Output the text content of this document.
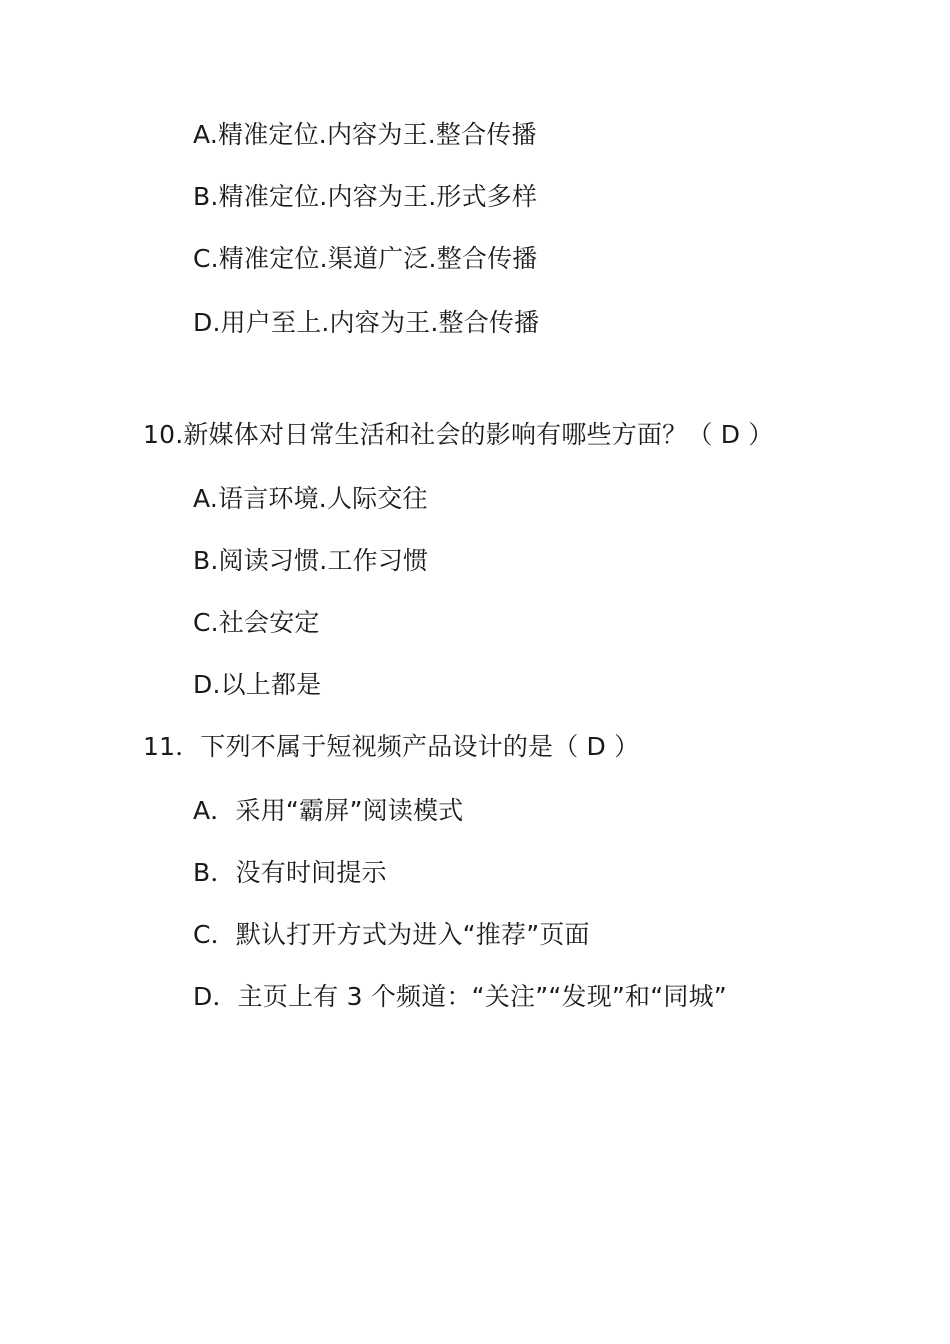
A.精准定位.内容为王.整合传播
B.精准定位.内容为王.形式多样
C.精准定位.渠道广泛.整合传播
D.用户至上.内容为王.整合传播
10.新媒体对日常生活和社会的影响有哪些方面？（ D ）
A.语言环境.人际交往
B.阅读习惯.工作习惯
C.社会安定
D.以上都是
11．下列不属于短视频产品设计的是（ D ）
A．采用“霸屏”阅读模式
B．没有时间提示
C．默认打开方式为进入“推荐”页面
D．主页上有 3 个频道：“关注”“发现”和“同城”
